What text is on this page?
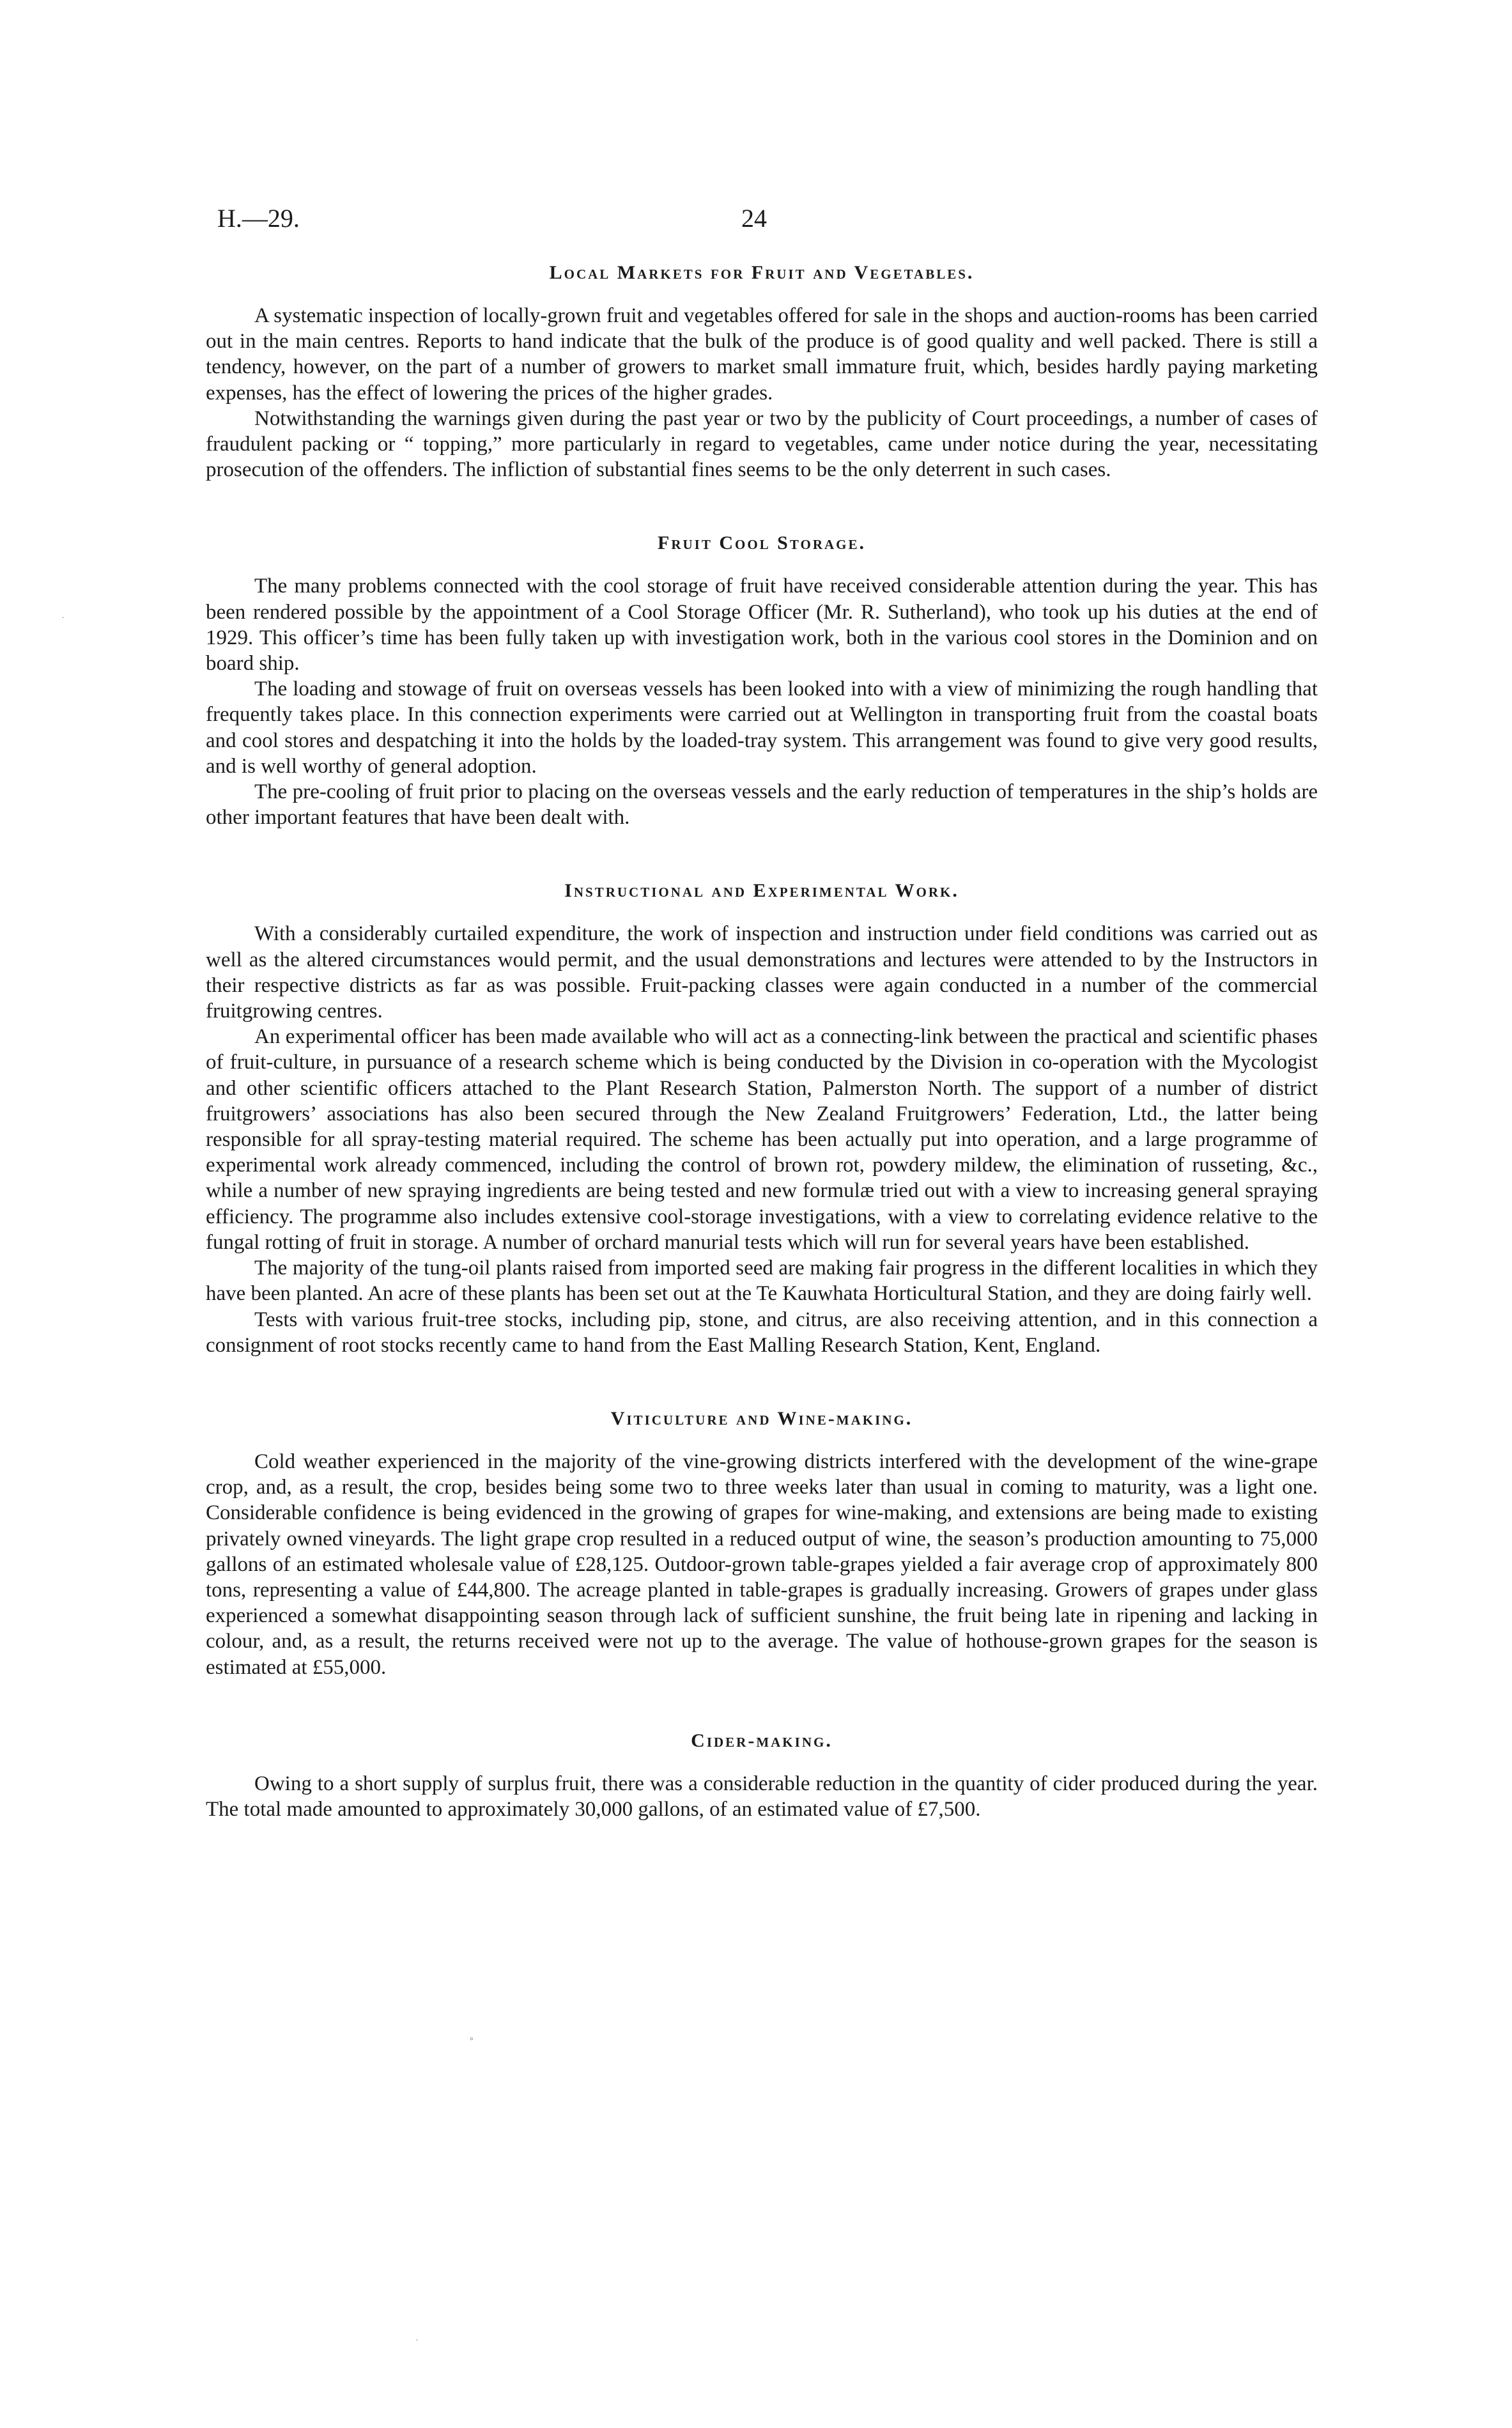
H.—29.	24
Local Markets for Fruit and Vegetables.

A systematic inspection of locally-grown fruit and vegetables offered for sale in the shops and auction-rooms has been carried out in the main centres. Reports to hand indicate that the bulk of the produce is of good quality and well packed. There is still a tendency, however, on the part of a number of growers to market small immature fruit, which, besides hardly paying marketing expenses, has the effect of lowering the prices of the higher grades.

Notwithstanding the warnings given during the past year or two by the publicity of Court proceedings, a number of cases of fraudulent packing or “ topping,” more particularly in regard to vegetables, came under notice during the year, necessitating prosecution of the offenders. The infliction of substantial fines seems to be the only deterrent in such cases.

Fruit Cool Storage.

The many problems connected with the cool storage of fruit have received considerable attention during the year. This has been rendered possible by the appointment of a Cool Storage Officer (Mr. R. Sutherland), who took up his duties at the end of 1929. This officer’s time has been fully taken up with investigation work, both in the various cool stores in the Dominion and on board ship.

The loading and stowage of fruit on overseas vessels has been looked into with a view of minimizing the rough handling that frequently takes place. In this connection experiments were carried out at Wellington in transporting fruit from the coastal boats and cool stores and despatching it into the holds by the loaded-tray system. This arrangement was found to give very good results, and is well worthy of general adoption.

The pre-cooling of fruit prior to placing on the overseas vessels and the early reduction of temperatures in the ship’s holds are other important features that have been dealt with.

Instructional and Experimental Work.

With a considerably curtailed expenditure, the work of inspection and instruction under field conditions was carried out as well as the altered circumstances would permit, and the usual demonstrations and lectures were attended to by the Instructors in their respective districts as far as was possible. Fruit-packing classes were again conducted in a number of the commercial fruitgrowing centres.

An experimental officer has been made available who will act as a connecting-link between the practical and scientific phases of fruit-culture, in pursuance of a research scheme which is being conducted by the Division in co-operation with the Mycologist and other scientific officers attached to the Plant Research Station, Palmerston North. The support of a number of district fruitgrowers’ associations has also been secured through the New Zealand Fruitgrowers’ Federation, Ltd., the latter being responsible for all spray-testing material required. The scheme has been actually put into operation, and a large programme of experimental work already commenced, including the control of brown rot, powdery mildew, the elimination of russeting, &c., while a number of new spraying ingredients are being tested and new formulæ tried out with a view to increasing general spraying efficiency. The programme also includes extensive cool-storage investigations, with a view to correlating evidence relative to the fungal rotting of fruit in storage. A number of orchard manurial tests which will run for several years have been established.

The majority of the tung-oil plants raised from imported seed are making fair progress in the different localities in which they have been planted. An acre of these plants has been set out at the Te Kauwhata Horticultural Station, and they are doing fairly well.

Tests with various fruit-tree stocks, including pip, stone, and citrus, are also receiving attention, and in this connection a consignment of root stocks recently came to hand from the East Malling Research Station, Kent, England.

Viticulture and Wine-making.

Cold weather experienced in the majority of the vine-growing districts interfered with the development of the wine-grape crop, and, as a result, the crop, besides being some two to three weeks later than usual in coming to maturity, was a light one. Considerable confidence is being evidenced in the growing of grapes for wine-making, and extensions are being made to existing privately owned vineyards. The light grape crop resulted in a reduced output of wine, the season’s production amounting to 75,000 gallons of an estimated wholesale value of £28,125. Outdoor-grown table-grapes yielded a fair average crop of approximately 800 tons, representing a value of £44,800. The acreage planted in table-grapes is gradually increasing. Growers of grapes under glass experienced a somewhat disappointing season through lack of sufficient sunshine, the fruit being late in ripening and lacking in colour, and, as a result, the returns received were not up to the average. The value of hothouse-grown grapes for the season is estimated at £55,000.

Cider-making.

Owing to a short supply of surplus fruit, there was a considerable reduction in the quantity of cider produced during the year. The total made amounted to approximately 30,000 gallons, of an estimated value of £7,500.

·
°
·
